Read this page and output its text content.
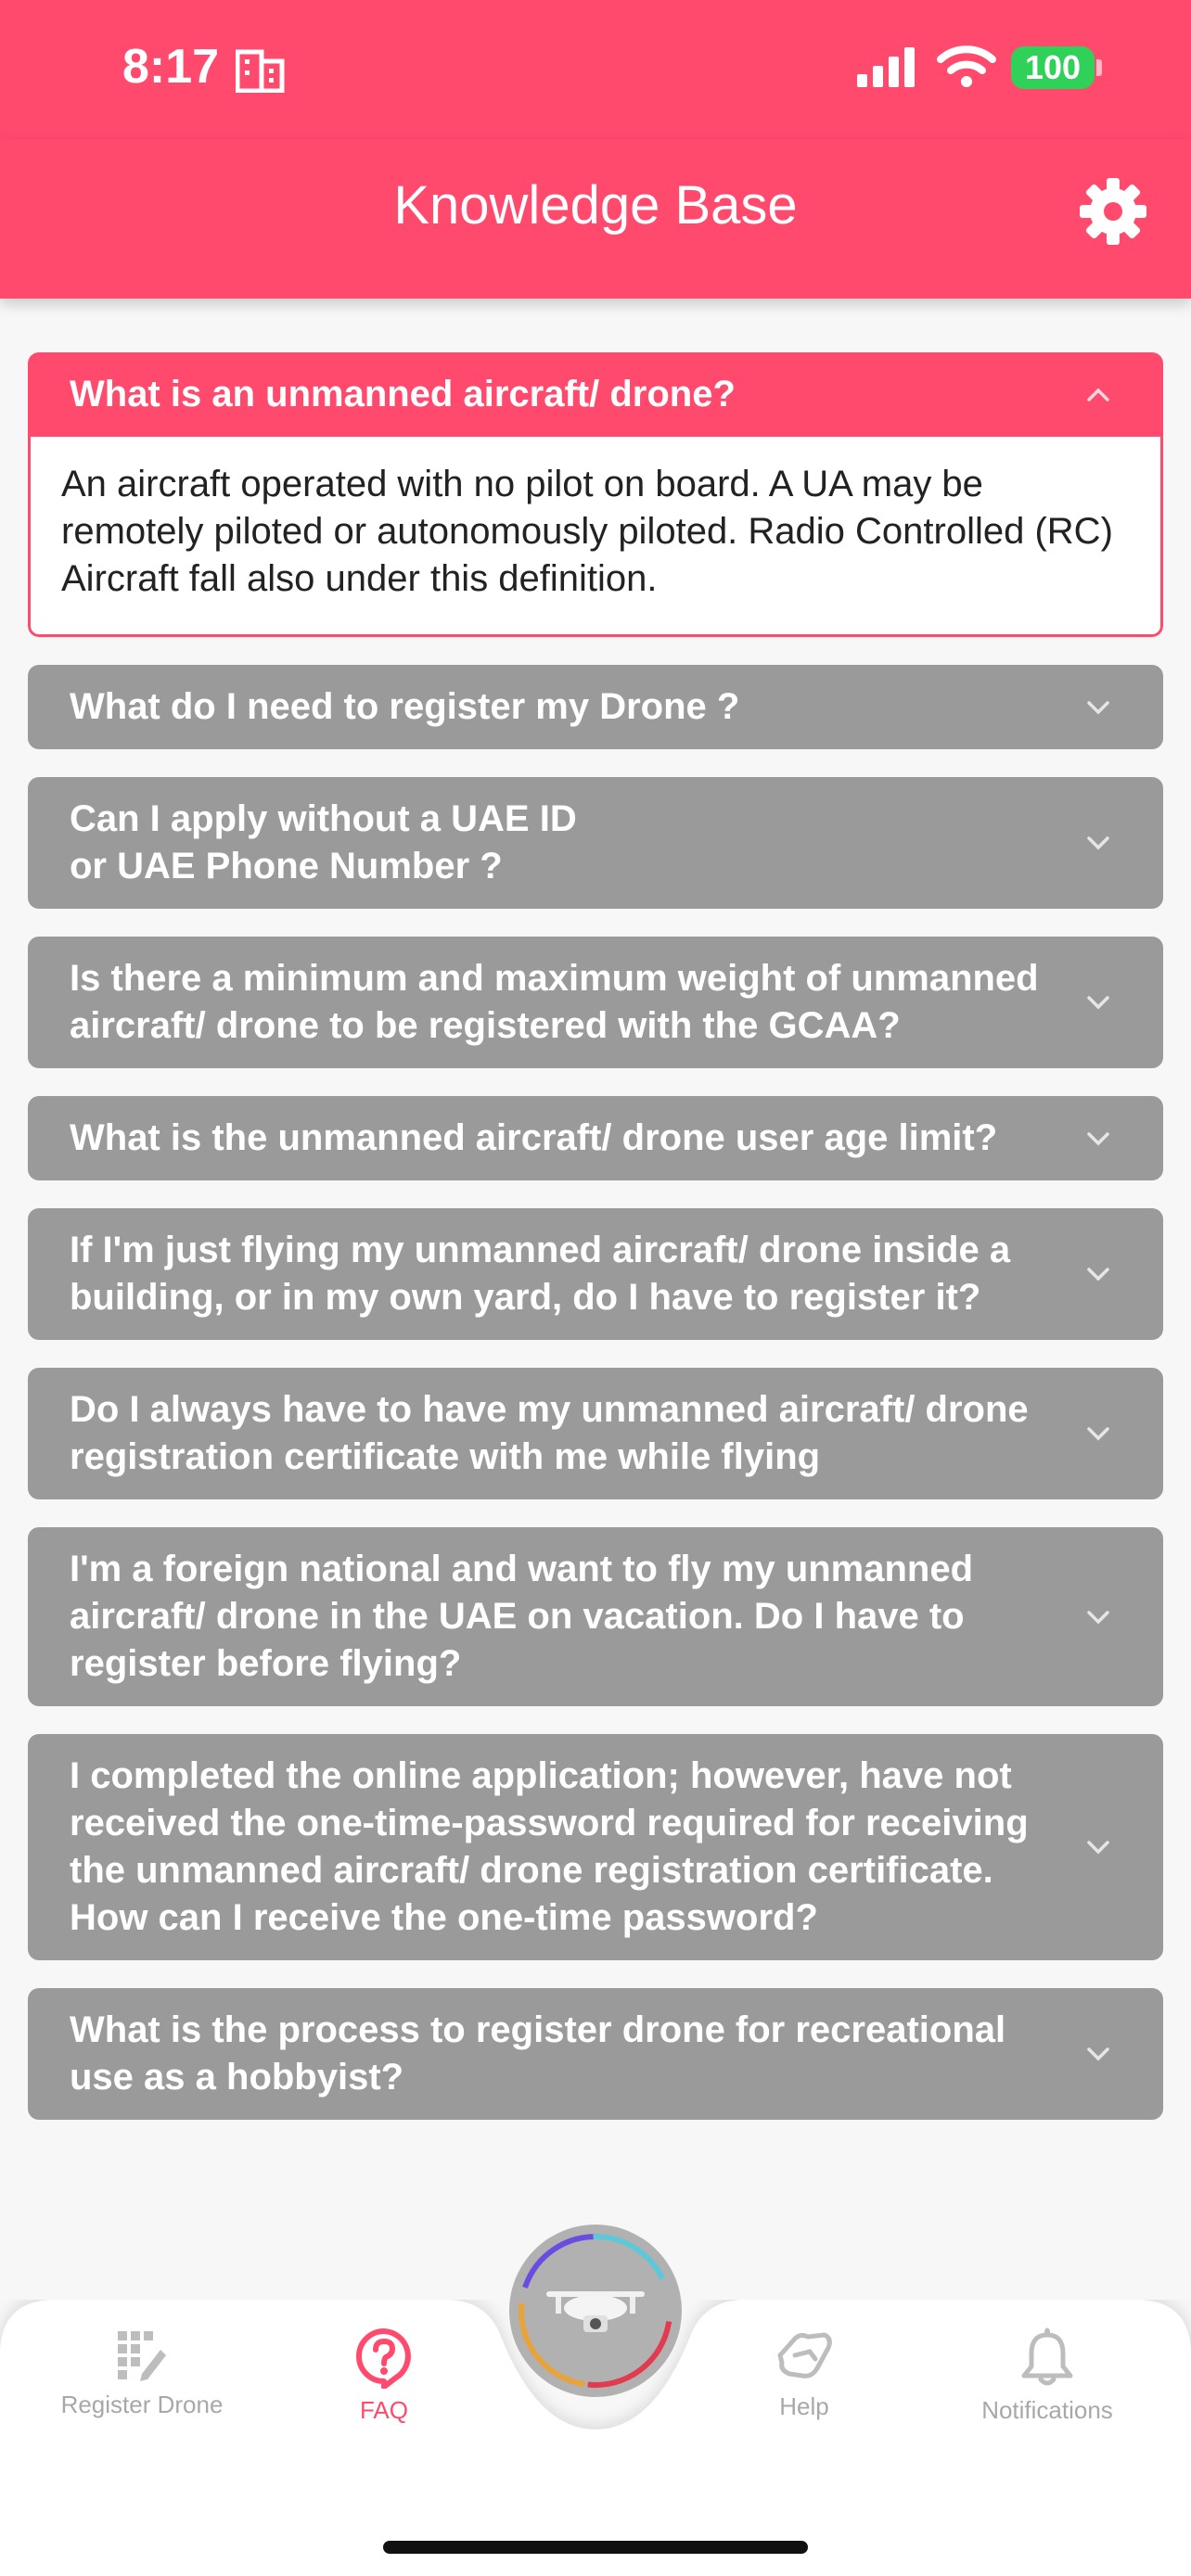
8:17	100
Knowledge Base
What is an unmanned aircraft/ drone?
An aircraft operated with no pilot on board. A UA may be remotely piloted or autonomously piloted. Radio Controlled (RC) Aircraft fall also under this definition.
What do I need to register my Drone ?
Can I apply without a UAE ID
or UAE Phone Number ?
Is there a minimum and maximum weight of unmanned aircraft/ drone to be registered with the GCAA?
What is the unmanned aircraft/ drone user age limit?
If I'm just flying my unmanned aircraft/ drone inside a building, or in my own yard, do I have to register it?
Do I always have to have my unmanned aircraft/ drone registration certificate with me while flying
I'm a foreign national and want to fly my unmanned aircraft/ drone in the UAE on vacation. Do I have to register before flying?
I completed the online application; however, have not received the one-time-password required for receiving the unmanned aircraft/ drone registration certificate. How can I receive the one-time password?
What is the process to register drone for recreational use as a hobbyist?
Register Drone	FAQ	Help	Notifications
